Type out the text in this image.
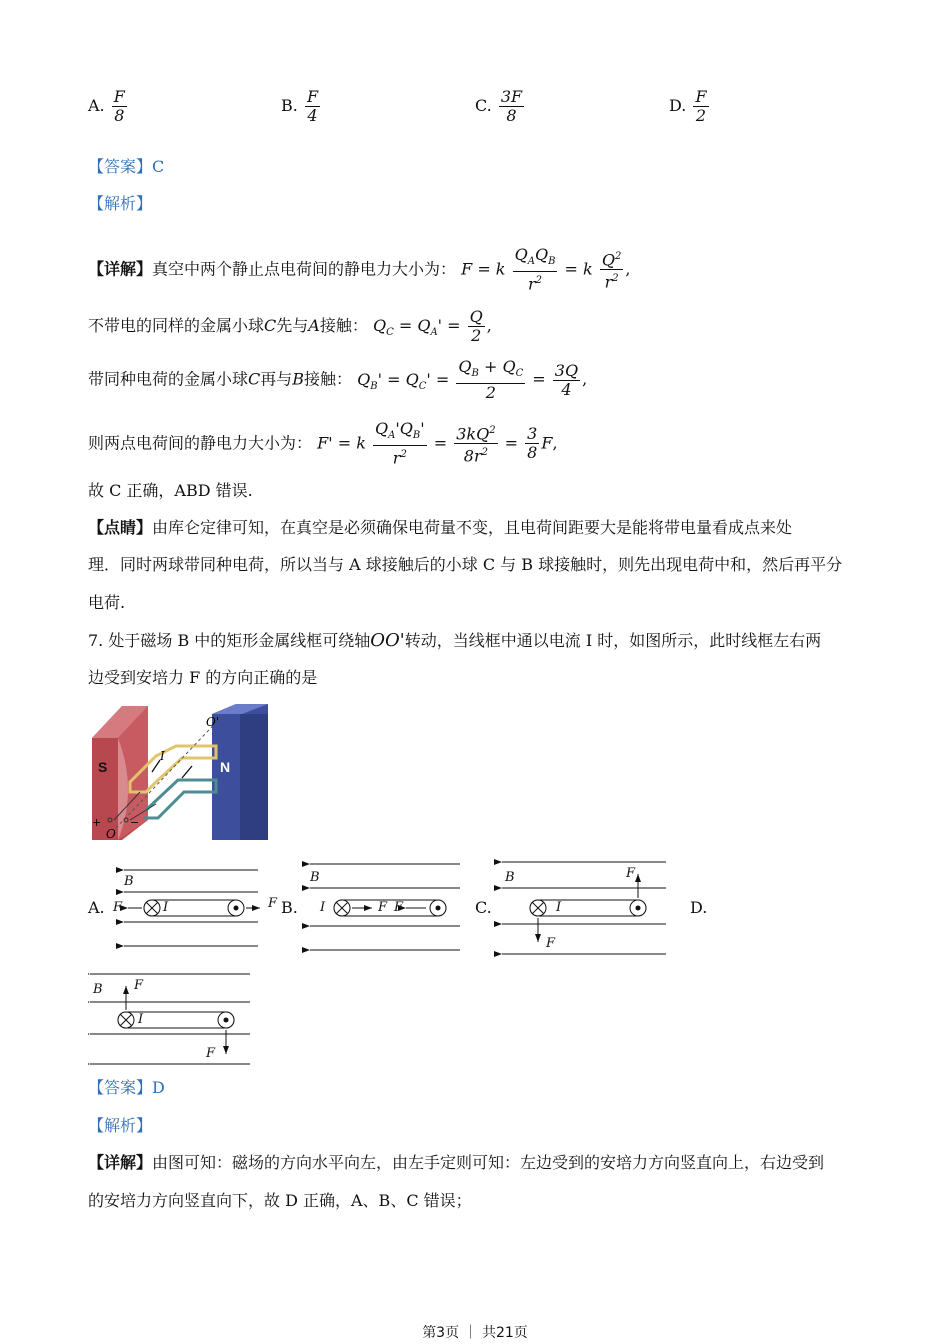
A. $\frac{F}{8}$	B. $\frac{F}{4}$	C. $\frac{3F}{8}$	D. $\frac{F}{2}$
【答案】C
【解析】
【详解】真空中两个静止点电荷间的静电力大小为： F = k $\frac{Q_AQ_B}{r^2} = k \frac{Q^2}{r^2}$ ,
不带电的同样的金属小球C先与A接触： $Q_C = Q_A' = \frac{Q}{2}$ ,
带同种电荷的金属小球C再与B接触： $Q_B' = Q_C' = \frac{Q_B + Q_C}{2} = \frac{3Q}{4}$ ,
则两点电荷间的静电力大小为： F' = k $\frac{Q_A'Q_B'}{r^2} = \frac{3kQ^2}{8r^2} = \frac{3}{8} F$,
故 C 正确，ABD 错误.
【点睛】由库仑定律可知，在真空是必须确保电荷量不变，且电荷间距要大是能将带电量看成点来处
理．同时两球带同种电荷，所以当与 A 球接触后的小球 C 与 B 球接触时，则先出现电荷中和，然后再平分
电荷.
7. 处于磁场 B 中的矩形金属线框可绕轴OO'转动，当线框中通以电流 I 时，如图所示，此时线框左右两
边受到安培力 F 的方向正确的是
S	N
+	−
O
O'
I
A.	B.	C.	D.
B
F	I	F
B
I	F F
B
I
F
F
B F
I
F
【答案】D
【解析】
【详解】由图可知：磁场的方向水平向左，由左手定则可知：左边受到的安培力方向竖直向上，右边受到
的安培力方向竖直向下，故 D 正确，A、B、C 错误；
第3页 ｜ 共21页
